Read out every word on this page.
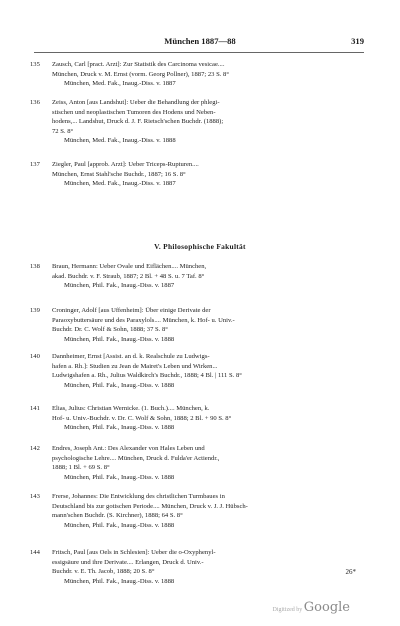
München 1887—88	319
135	Zausch, Carl [pract. Arzt]: Zur Statistik des Carcinoma vesicae....
München, Druck v. M. Ernst (vorm. Georg Pollner), 1887; 23 S. 8°
München, Med. Fak., Inaug.-Diss. v. 1887
136	Zeiss, Anton [aus Landshut]: Ueber die Behandlung der phlegi-
stischen und neoplastischen Tumoren des Hodens und Neben-
hodens,... Landshut, Druck d. J. F. Rietsch'schen Buchdr. (1888);
72 S. 8°
München, Med. Fak., Inaug.-Diss. v. 1888
137	Ziegler, Paul [approb. Arzt]: Ueber Triceps-Rupturen....
München, Ernst Stahl'sche Buchdr., 1887; 16 S. 8°
München, Med. Fak., Inaug.-Diss. v. 1887
V. Philosophische Fakultät
138	Braun, Hermann: Ueber Ovale und Eiflächen.... München,
akad. Buchdr. v. F. Straub, 1887; 2 Bl. + 48 S. u. 7 Taf. 8°
München, Phil. Fak., Inaug.-Diss. v. 1887
139	Croninger, Adolf [aus Uffenheim]: Über einige Derivate der
Paraoxybuttersäure und des Paraxylols.... München, k. Hof- u. Univ.-
Buchdr. Dr. C. Wolf & Sohn, 1888; 37 S. 8°
München, Phil. Fak., Inaug.-Diss. v. 1888
140	Dannheimer, Ernst [Assist. an d. k. Realschule zu Ludwigs-
hafen a. Rh.]: Studien zu Jean de Mairet's Leben und Wirken...
Ludwigshafen a. Rh., Julius Waldkirch's Buchdr., 1888; 4 Bl. | 111 S. 8°
München, Phil. Fak., Inaug.-Diss. v. 1888
141	Elias, Julius: Christian Wernicke. (1. Buch.).... München, k.
Hof- u. Univ.-Buchdr. v. Dr. C. Wolf & Sohn, 1888; 2 Bl. + 90 S. 8°
München, Phil. Fak., Inaug.-Diss. v. 1888
142	Endres, Joseph Ant.: Des Alexander von Hales Leben und
psychologische Lehre.... München, Druck d. Fulda'er Actiendr.,
1888; 1 Bl. + 69 S. 8°
München, Phil. Fak., Inaug.-Diss. v. 1888
143	Frerse, Johannes: Die Entwicklung des christlichen Turmbaues in
Deutschland bis zur gotischen Periode.... München, Druck v. J. J. Hübsch-
mann'schen Buchdr. (S. Kirchner), 1888; 64 S. 8°
München, Phil. Fak., Inaug.-Diss. v. 1888
144	Fritsch, Paul [aus Oels in Schlesien]: Ueber die o-Oxyphenyl-
essigsäure und ihre Derivate.... Erlangen, Druck d. Univ.-
Buchdr. v. E. Th. Jacob, 1888; 20 S. 8°
München, Phil. Fak., Inaug.-Diss. v. 1888
26*
Digitized by Google
